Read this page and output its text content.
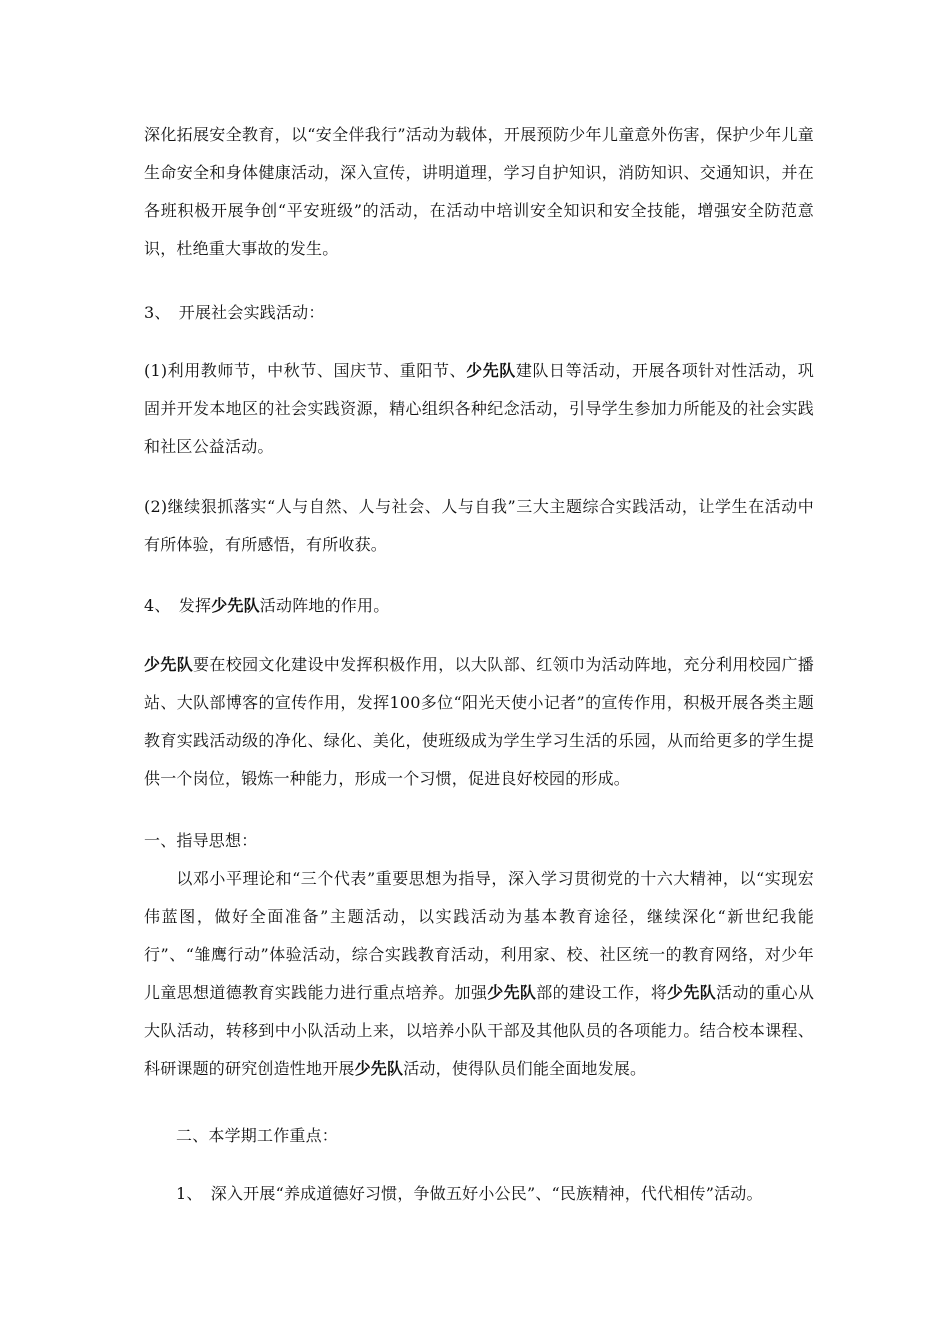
深化拓展安全教育，以“安全伴我行”活动为载体，开展预防少年儿童意外伤害，保护少年儿童生命安全和身体健康活动，深入宣传，讲明道理，学习自护知识，消防知识、交通知识，并在各班积极开展争创“平安班级”的活动，在活动中培训安全知识和安全技能，增强安全防范意识，杜绝重大事故的发生。

3、　开展社会实践活动：

(1)利用教师节，中秋节、国庆节、重阳节、少先队建队日等活动，开展各项针对性活动，巩固并开发本地区的社会实践资源，精心组织各种纪念活动，引导学生参加力所能及的社会实践和社区公益活动。

(2)继续狠抓落实“人与自然、人与社会、人与自我”三大主题综合实践活动，让学生在活动中有所体验，有所感悟，有所收获。

4、　发挥少先队活动阵地的作用。

少先队要在校园文化建设中发挥积极作用，以大队部、红领巾为活动阵地，充分利用校园广播站、大队部博客的宣传作用，发挥100多位“阳光天使小记者”的宣传作用，积极开展各类主题教育实践活动级的净化、绿化、美化，使班级成为学生学习生活的乐园，从而给更多的学生提供一个岗位，锻炼一种能力，形成一个习惯，促进良好校园的形成。

一、指导思想：

以邓小平理论和“三个代表”重要思想为指导，深入学习贯彻党的十六大精神，以“实现宏伟蓝图，做好全面准备”主题活动，以实践活动为基本教育途径，继续深化“新世纪我能行”、“雏鹰行动”体验活动，综合实践教育活动，利用家、校、社区统一的教育网络，对少年儿童思想道德教育实践能力进行重点培养。加强少先队部的建设工作，将少先队活动的重心从大队活动，转移到中小队活动上来，以培养小队干部及其他队员的各项能力。结合校本课程、科研课题的研究创造性地开展少先队活动，使得队员们能全面地发展。

二、本学期工作重点：

1、　深入开展“养成道德好习惯，争做五好小公民”、“民族精神，代代相传”活动。
